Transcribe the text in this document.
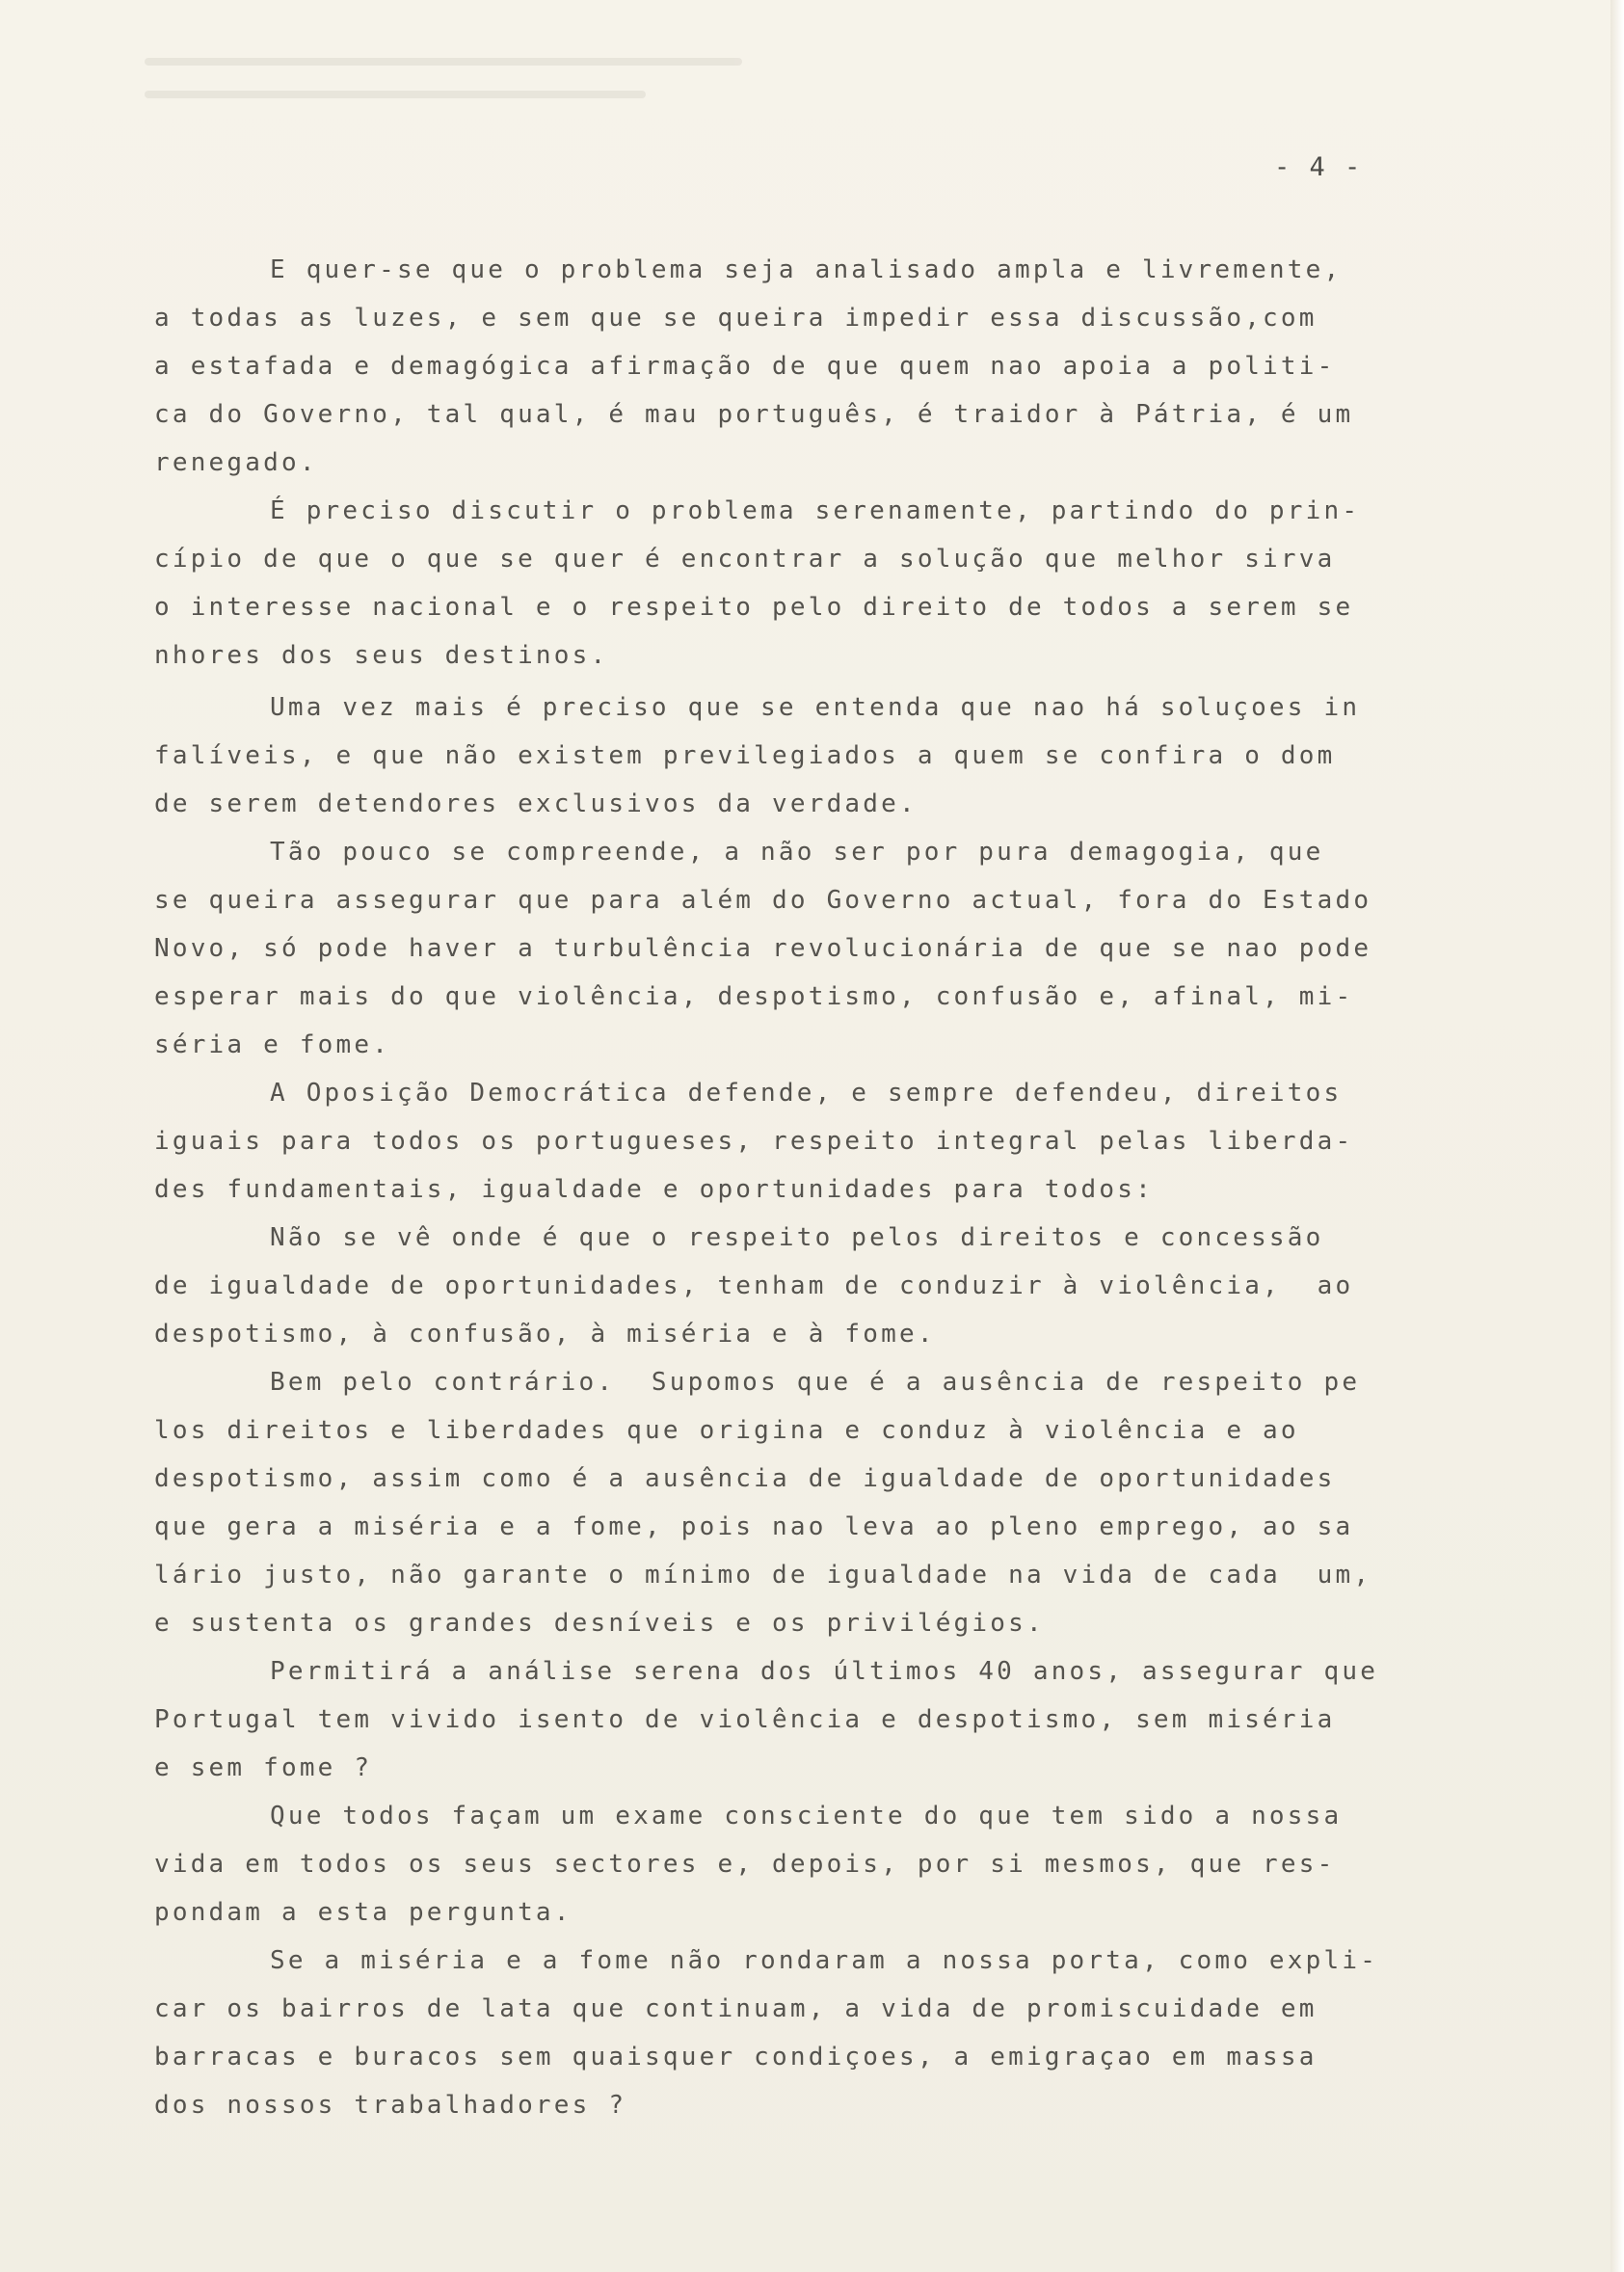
- 4 -
E quer-se que o problema seja analisado ampla e livremente,
a todas as luzes, e sem que se queira impedir essa discussão,com
a estafada e demagógica afirmação de que quem nao apoia a politi-
ca do Governo, tal qual, é mau português, é traidor à Pátria, é um
renegado.
É preciso discutir o problema serenamente, partindo do prin-
cípio de que o que se quer é encontrar a solução que melhor sirva
o interesse nacional e o respeito pelo direito de todos a serem se
nhores dos seus destinos.
Uma vez mais é preciso que se entenda que nao há soluçoes in
falíveis, e que não existem previlegiados a quem se confira o dom
de serem detendores exclusivos da verdade.
Tão pouco se compreende, a não ser por pura demagogia, que
se queira assegurar que para além do Governo actual, fora do Estado
Novo, só pode haver a turbulência revolucionária de que se nao pode
esperar mais do que violência, despotismo, confusão e, afinal, mi-
séria e fome.
A Oposição Democrática defende, e sempre defendeu, direitos
iguais para todos os portugueses, respeito integral pelas liberda-
des fundamentais, igualdade e oportunidades para todos:
Não se vê onde é que o respeito pelos direitos e concessão
de igualdade de oportunidades, tenham de conduzir à violência,  ao
despotismo, à confusão, à miséria e à fome.
Bem pelo contrário.  Supomos que é a ausência de respeito pe
los direitos e liberdades que origina e conduz à violência e ao
despotismo, assim como é a ausência de igualdade de oportunidades
que gera a miséria e a fome, pois nao leva ao pleno emprego, ao sa
lário justo, não garante o mínimo de igualdade na vida de cada  um,
e sustenta os grandes desníveis e os privilégios.
Permitirá a análise serena dos últimos 40 anos, assegurar que
Portugal tem vivido isento de violência e despotismo, sem miséria
e sem fome ?
Que todos façam um exame consciente do que tem sido a nossa
vida em todos os seus sectores e, depois, por si mesmos, que res-
pondam a esta pergunta.
Se a miséria e a fome não rondaram a nossa porta, como expli-
car os bairros de lata que continuam, a vida de promiscuidade em
barracas e buracos sem quaisquer condiçoes, a emigraçao em massa
dos nossos trabalhadores ?
